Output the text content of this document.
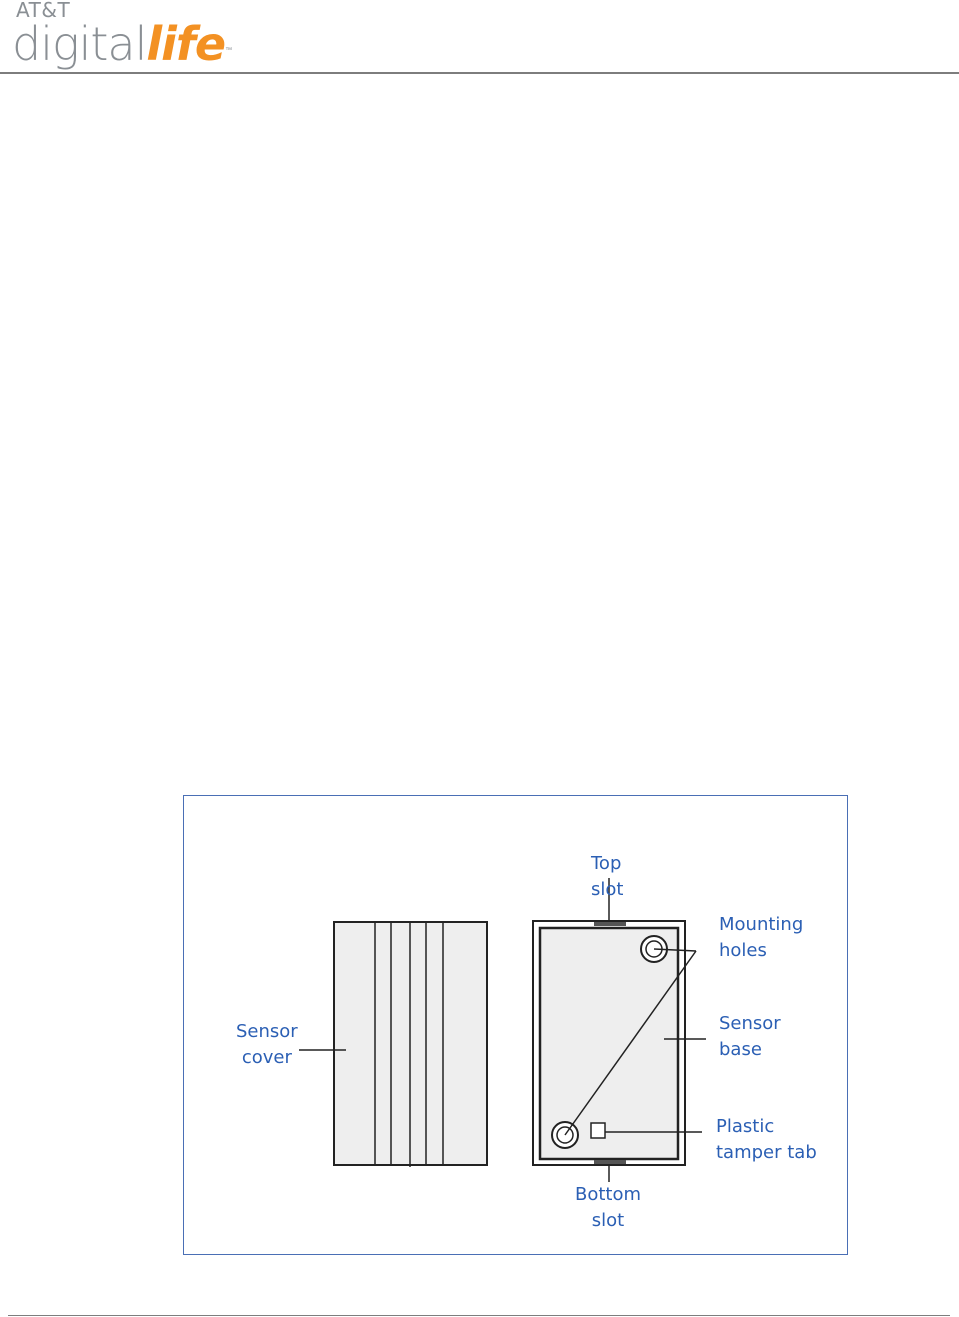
AT&T
digitallife™
Top
slot
Mounting
holes
Sensor
base
Plastic
tamper tab
Bottom
slot
Sensor
cover
